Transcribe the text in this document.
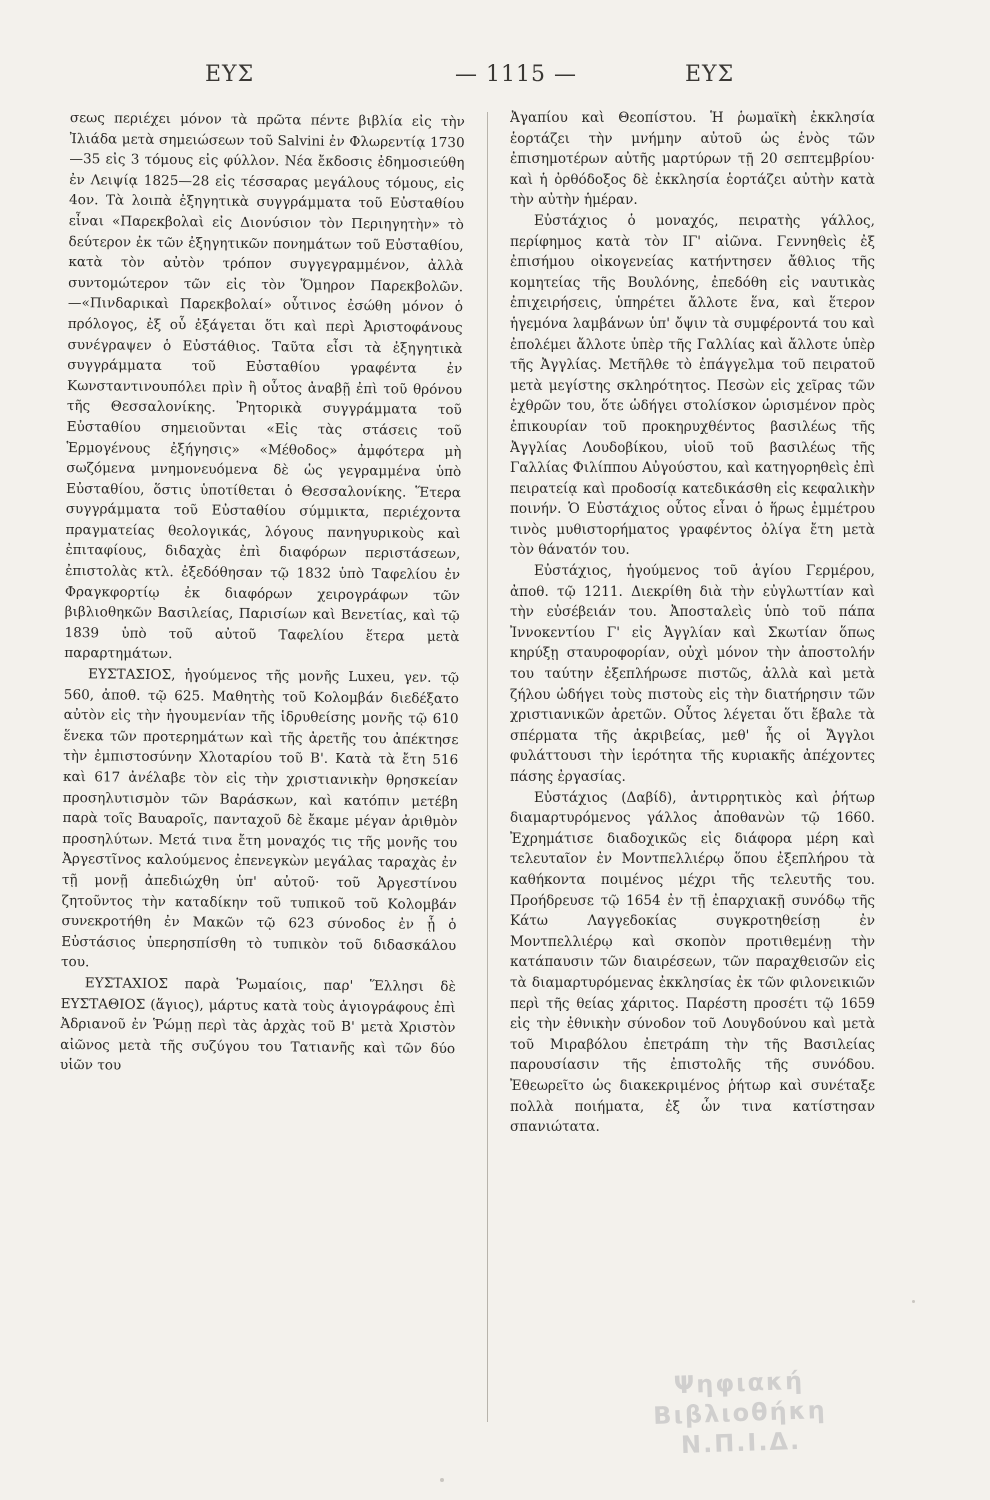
ΕΥΣ	— 1115 —	ΕΥΣ

σεως περιέχει μόνον τὰ πρῶτα πέντε βιβλία εἰς τὴν Ἰλιάδα μετὰ σημειώσεων τοῦ Salvini ἐν Φλωρεντίᾳ 1730—35 εἰς 3 τόμους εἰς φύλλον. Νέα ἔκδοσις ἐδημοσιεύθη ἐν Λειψίᾳ 1825—28 εἰς τέσσαρας μεγάλους τόμους, εἰς 4ον. Τὰ λοιπὰ ἐξηγητικὰ συγγράμματα τοῦ Εὐσταθίου εἶναι «Παρεκβολαὶ εἰς Διονύσιον τὸν Περιηγητὴν» τὸ δεύτερον ἐκ τῶν ἐξηγητικῶν πονημάτων τοῦ Εὐσταθίου, κατὰ τὸν αὐτὸν τρόπον συγγεγραμμένον, ἀλλὰ συντομώτερον τῶν εἰς τὸν Ὅμηρον Παρεκβολῶν.—«Πινδαρικαὶ Παρεκβολαί» οὗτινος ἐσώθη μόνον ὁ πρόλογος, ἐξ οὗ ἐξάγεται ὅτι καὶ περὶ Ἀριστοφάνους συνέγραψεν ὁ Εὐστάθιος. Ταῦτα εἶσι τὰ ἐξηγητικὰ συγγράμματα τοῦ Εὐσταθίου γραφέντα ἐν Κωνσταντινουπόλει πρὶν ἢ οὗτος ἀναβῇ ἐπὶ τοῦ θρόνου τῆς Θεσσαλονίκης. Ῥητορικὰ συγγράμματα τοῦ Εὐσταθίου σημειοῦνται «Εἰς τὰς στάσεις τοῦ Ἑρμογένους ἐξήγησις» «Μέθοδος» ἀμφότερα μὴ σωζόμενα μνημονευόμενα δὲ ὡς γεγραμμένα ὑπὸ Εὐσταθίου, ὅστις ὑποτίθεται ὁ Θεσσαλονίκης. Ἕτερα συγγράμματα τοῦ Εὐσταθίου σύμμικτα, περιέχοντα πραγματείας θεολογικάς, λόγους πανηγυρικοὺς καὶ ἐπιταφίους, διδαχὰς ἐπὶ διαφόρων περιστάσεων, ἐπιστολὰς κτλ. ἐξεδόθησαν τῷ 1832 ὑπὸ Ταφελίου ἐν Φραγκφορτίῳ ἐκ διαφόρων χειρογράφων τῶν βιβλιοθηκῶν Βασιλείας, Παρισίων καὶ Βενετίας, καὶ τῷ 1839 ὑπὸ τοῦ αὐτοῦ Ταφελίου ἕτερα μετὰ παραρτημάτων.

ΕΥΣΤΑΣΙΟΣ, ἡγούμενος τῆς μονῆς Luxeu, γεν. τῷ 560, ἀποθ. τῷ 625. Μαθητὴς τοῦ Κολομβάν διεδέξατο αὐτὸν εἰς τὴν ἡγουμενίαν τῆς ἱδρυθείσης μονῆς τῷ 610 ἕνεκα τῶν προτερημάτων καὶ τῆς ἀρετῆς του ἀπέκτησε τὴν ἐμπιστοσύνην Χλοταρίου τοῦ Β'. Κατὰ τὰ ἔτη 516 καὶ 617 ἀνέλαβε τὸν εἰς τὴν χριστιανικὴν θρησκείαν προσηλυτισμὸν τῶν Βαράσκων, καὶ κατόπιν μετέβη παρὰ τοῖς Βαυαροῖς, πανταχοῦ δὲ ἔκαμε μέγαν ἀριθμὸν προσηλύτων. Μετά τινα ἔτη μοναχός τις τῆς μονῆς του Ἀργεστῖνος καλούμενος ἐπενεγκὼν μεγάλας ταραχὰς ἐν τῇ μονῇ ἀπεδιώχθη ὑπ' αὐτοῦ· τοῦ Ἀργεστίνου ζητοῦντος τὴν καταδίκην τοῦ τυπικοῦ τοῦ Κολομβάν συνεκροτήθη ἐν Μακῶν τῷ 623 σύνοδος ἐν ᾗ ὁ Εὐστάσιος ὑπερησπίσθη τὸ τυπικὸν τοῦ διδασκάλου του.

ΕΥΣΤΑΧΙΟΣ παρὰ Ῥωμαίοις, παρ' Ἕλλησι δὲ ΕΥΣΤΑΘΙΟΣ (ἅγιος), μάρτυς κατὰ τοὺς ἁγιογράφους ἐπὶ Ἀδριανοῦ ἐν Ῥώμῃ περὶ τὰς ἀρχὰς τοῦ Β' μετὰ Χριστὸν αἰῶνος μετὰ τῆς συζύγου του Τατιανῆς καὶ τῶν δύο υἱῶν του

Ἀγαπίου καὶ Θεοπίστου. Ἡ ῥωμαϊκὴ ἐκκλησία ἑορτάζει τὴν μνήμην αὐτοῦ ὡς ἑνὸς τῶν ἐπισημοτέρων αὐτῆς μαρτύρων τῇ 20 σεπτεμβρίου· καὶ ἡ ὀρθόδοξος δὲ ἐκκλησία ἑορτάζει αὐτὴν κατὰ τὴν αὐτὴν ἡμέραν.

Εὐστάχιος ὁ μοναχός, πειρατὴς γάλλος, περίφημος κατὰ τὸν ΙΓ' αἰῶνα. Γεννηθεὶς ἐξ ἐπισήμου οἰκογενείας κατήντησεν ἄθλιος τῆς κομητείας τῆς Βουλόνης, ἐπεδόθη εἰς ναυτικὰς ἐπιχειρήσεις, ὑπηρέτει ἄλλοτε ἕνα, καὶ ἕτερον ἡγεμόνα λαμβάνων ὑπ' ὄψιν τὰ συμφέροντά του καὶ ἐπολέμει ἄλλοτε ὑπὲρ τῆς Γαλλίας καὶ ἄλλοτε ὑπὲρ τῆς Ἀγγλίας. Μετῆλθε τὸ ἐπάγγελμα τοῦ πειρατοῦ μετὰ μεγίστης σκληρότητος. Πεσὼν εἰς χεῖρας τῶν ἐχθρῶν του, ὅτε ὡδήγει στολίσκον ὡρισμένον πρὸς ἐπικουρίαν τοῦ προκηρυχθέντος βασιλέως τῆς Ἀγγλίας Λουδοβίκου, υἱοῦ τοῦ βασιλέως τῆς Γαλλίας Φιλίππου Αὐγούστου, καὶ κατηγορηθεὶς ἐπὶ πειρατείᾳ καὶ προδοσίᾳ κατεδικάσθη εἰς κεφαλικὴν ποινήν. Ὁ Εὐστάχιος οὗτος εἶναι ὁ ἥρως ἐμμέτρου τινὸς μυθιστορήματος γραφέντος ὀλίγα ἔτη μετὰ τὸν θάνατόν του.

Εὐστάχιος, ἡγούμενος τοῦ ἁγίου Γερμέρου, ἀποθ. τῷ 1211. Διεκρίθη διὰ τὴν εὐγλωττίαν καὶ τὴν εὐσέβειάν του. Ἀποσταλεὶς ὑπὸ τοῦ πάπα Ἰννοκεντίου Γ' εἰς Ἀγγλίαν καὶ Σκωτίαν ὅπως κηρύξῃ σταυροφορίαν, οὐχὶ μόνον τὴν ἀποστολήν του ταύτην ἐξεπλήρωσε πιστῶς, ἀλλὰ καὶ μετὰ ζήλου ὡδήγει τοὺς πιστοὺς εἰς τὴν διατήρησιν τῶν χριστιανικῶν ἀρετῶν. Οὗτος λέγεται ὅτι ἔβαλε τὰ σπέρματα τῆς ἀκριβείας, μεθ' ἧς οἱ Ἄγγλοι φυλάττουσι τὴν ἱερότητα τῆς κυριακῆς ἀπέχοντες πάσης ἐργασίας.

Εὐστάχιος (Δαβίδ), ἀντιρρητικὸς καὶ ῥήτωρ διαμαρτυρόμενος γάλλος ἀποθανὼν τῷ 1660. Ἐχρημάτισε διαδοχικῶς εἰς διάφορα μέρη καὶ τελευταῖον ἐν Μοντπελλιέρῳ ὅπου ἐξεπλήρου τὰ καθήκοντα ποιμένος μέχρι τῆς τελευτῆς του. Προήδρευσε τῷ 1654 ἐν τῇ ἐπαρχιακῇ συνόδῳ τῆς Κάτω Λαγγεδοκίας συγκροτηθείσῃ ἐν Μοντπελλιέρῳ καὶ σκοπὸν προτιθεμένῃ τὴν κατάπαυσιν τῶν διαιρέσεων, τῶν παραχθεισῶν εἰς τὰ διαμαρτυρόμενας ἐκκλησίας ἐκ τῶν φιλονεικιῶν περὶ τῆς θείας χάριτος. Παρέστη προσέτι τῷ 1659 εἰς τὴν ἐθνικὴν σύνοδον τοῦ Λουγδούνου καὶ μετὰ τοῦ Μιραβόλου ἐπετράπη τὴν τῆς Βασιλείας παρουσίασιν τῆς ἐπιστολῆς τῆς συνόδου. Ἐθεωρεῖτο ὡς διακεκριμένος ῥήτωρ καὶ συνέταξε πολλὰ ποιήματα, ἐξ ὧν τινα κατίστησαν σπανιώτατα.

Ψηφιακή Βιβλιοθήκη Ν.Π.Ι.Δ.
